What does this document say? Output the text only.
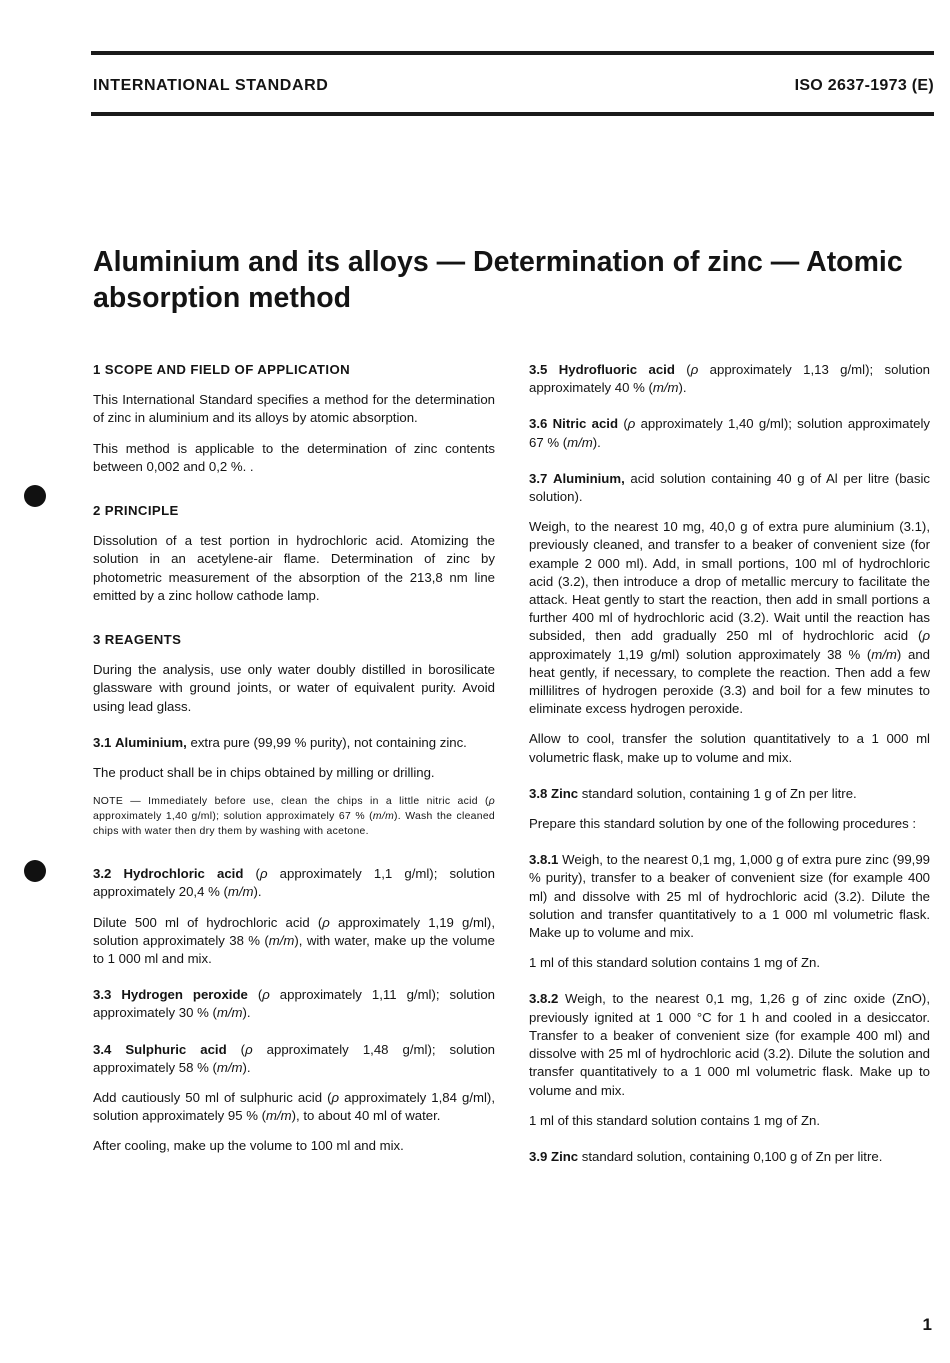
INTERNATIONAL STANDARD	ISO 2637-1973 (E)
Aluminium and its alloys — Determination of zinc — Atomic
absorption method

1 SCOPE AND FIELD OF APPLICATION

This International Standard specifies a method for the determination of zinc in aluminium and its alloys by atomic absorption.

This method is applicable to the determination of zinc contents between 0,002 and 0,2 %. .

2 PRINCIPLE

Dissolution of a test portion in hydrochloric acid. Atomizing the solution in an acetylene-air flame. Determination of zinc by photometric measurement of the absorption of the 213,8 nm line emitted by a zinc hollow cathode lamp.

3 REAGENTS

During the analysis, use only water doubly distilled in borosilicate glassware with ground joints, or water of equivalent purity. Avoid using lead glass.

3.1 Aluminium, extra pure (99,99 % purity), not containing zinc.

The product shall be in chips obtained by milling or drilling.

NOTE — Immediately before use, clean the chips in a little nitric acid (ρ approximately 1,40 g/ml); solution approximately 67 % (m/m). Wash the cleaned chips with water then dry them by washing with acetone.

3.2 Hydrochloric acid (ρ approximately 1,1 g/ml); solution approximately 20,4 % (m/m).

Dilute 500 ml of hydrochloric acid (ρ approximately 1,19 g/ml), solution approximately 38 % (m/m), with water, make up the volume to 1 000 ml and mix.

3.3 Hydrogen peroxide (ρ approximately 1,11 g/ml); solution approximately 30 % (m/m).

3.4 Sulphuric acid (ρ approximately 1,48 g/ml); solution approximately 58 % (m/m).

Add cautiously 50 ml of sulphuric acid (ρ approximately 1,84 g/ml), solution approximately 95 % (m/m), to about 40 ml of water.

After cooling, make up the volume to 100 ml and mix.

3.5 Hydrofluoric acid (ρ approximately 1,13 g/ml); solution approximately 40 % (m/m).

3.6 Nitric acid (ρ approximately 1,40 g/ml); solution approximately 67 % (m/m).

3.7 Aluminium, acid solution containing 40 g of Al per litre (basic solution).

Weigh, to the nearest 10 mg, 40,0 g of extra pure aluminium (3.1), previously cleaned, and transfer to a beaker of convenient size (for example 2 000 ml). Add, in small portions, 100 ml of hydrochloric acid (3.2), then introduce a drop of metallic mercury to facilitate the attack. Heat gently to start the reaction, then add in small portions a further 400 ml of hydrochloric acid (3.2). Wait until the reaction has subsided, then add gradually 250 ml of hydrochloric acid (ρ approximately 1,19 g/ml) solution approximately 38 % (m/m) and heat gently, if necessary, to complete the reaction. Then add a few millilitres of hydrogen peroxide (3.3) and boil for a few minutes to eliminate excess hydrogen peroxide.

Allow to cool, transfer the solution quantitatively to a 1 000 ml volumetric flask, make up to volume and mix.

3.8 Zinc standard solution, containing 1 g of Zn per litre.

Prepare this standard solution by one of the following procedures :

3.8.1 Weigh, to the nearest 0,1 mg, 1,000 g of extra pure zinc (99,99 % purity), transfer to a beaker of convenient size (for example 400 ml) and dissolve with 25 ml of hydrochloric acid (3.2). Dilute the solution and transfer quantitatively to a 1 000 ml volumetric flask. Make up to volume and mix.

1 ml of this standard solution contains 1 mg of Zn.

3.8.2 Weigh, to the nearest 0,1 mg, 1,26 g of zinc oxide (ZnO), previously ignited at 1 000 °C for 1 h and cooled in a desiccator. Transfer to a beaker of convenient size (for example 400 ml) and dissolve with 25 ml of hydrochloric acid (3.2). Dilute the solution and transfer quantitatively to a 1 000 ml volumetric flask. Make up to volume and mix.

1 ml of this standard solution contains 1 mg of Zn.

3.9 Zinc standard solution, containing 0,100 g of Zn per litre.

1
